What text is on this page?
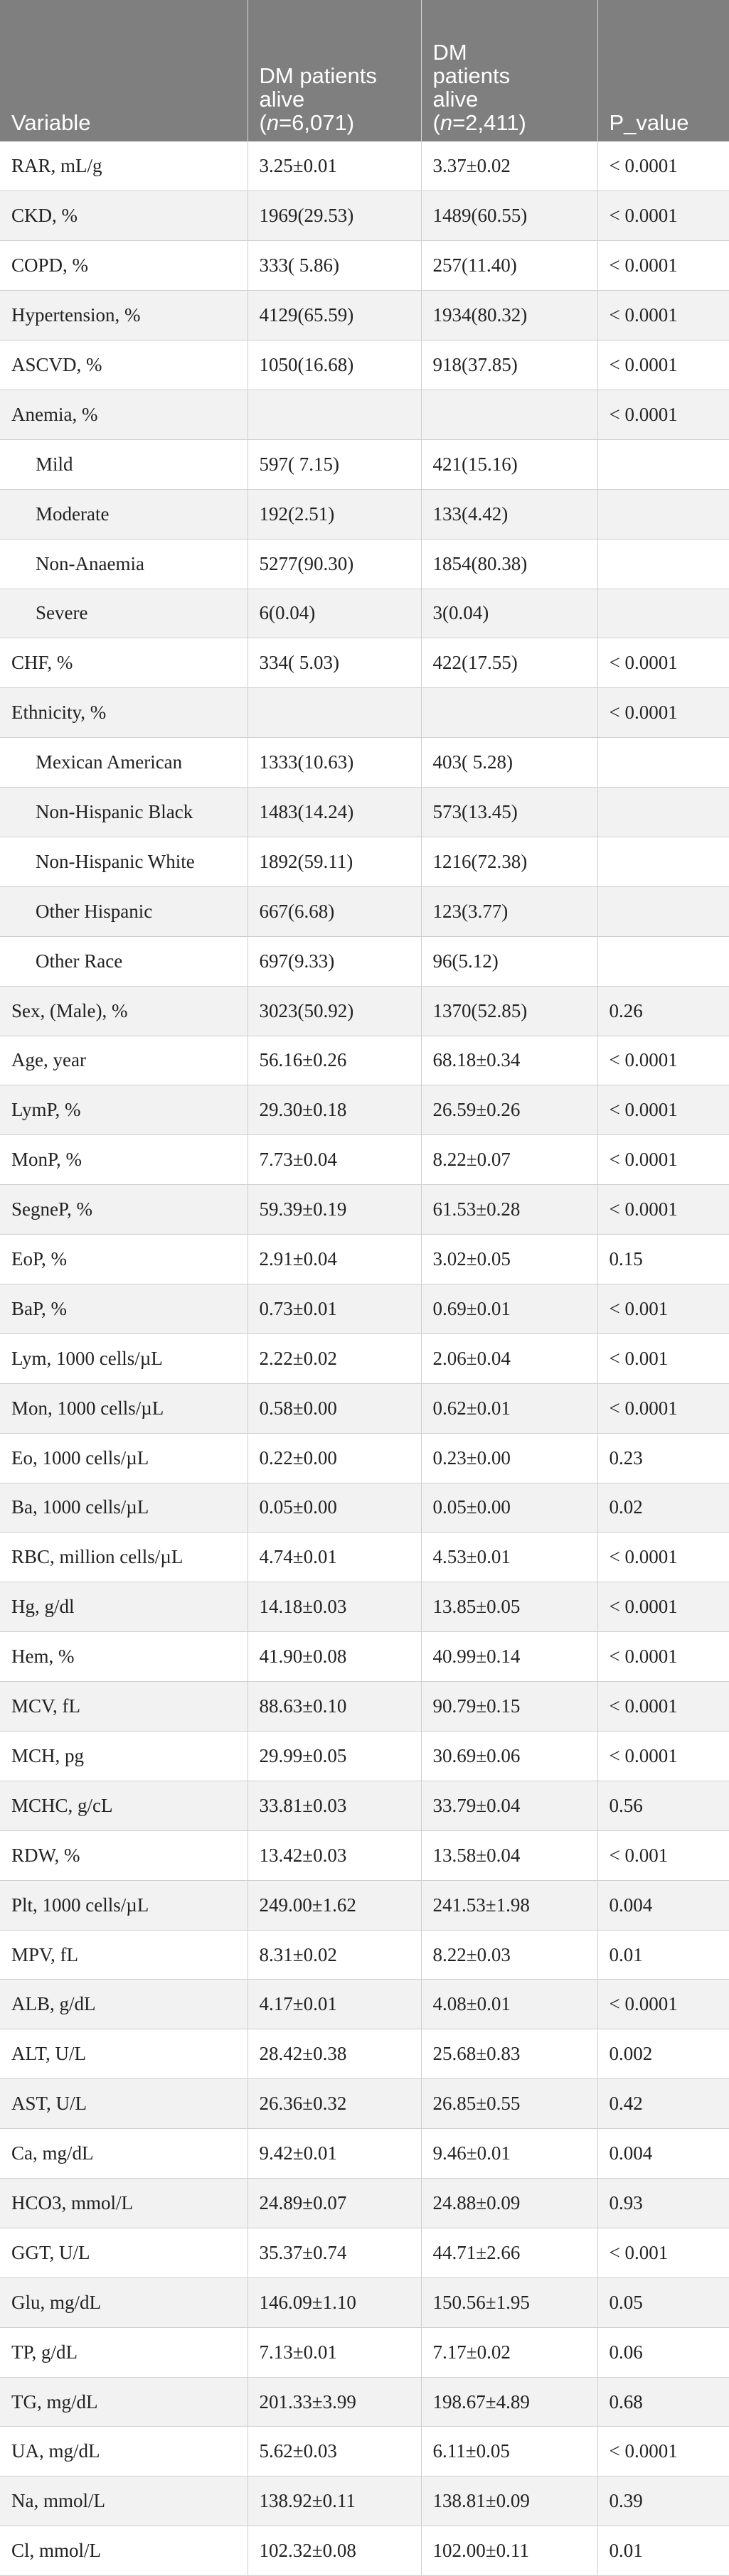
Variable	DM patients
alive
(n=6,071)	DM
patients
alive
(n=2,411)	P_value
RAR, mL/g	3.25±0.01	3.37±0.02	< 0.0001
CKD, %	1969(29.53)	1489(60.55)	< 0.0001
COPD, %	333( 5.86)	257(11.40)	< 0.0001
Hypertension, %	4129(65.59)	1934(80.32)	< 0.0001
ASCVD, %	1050(16.68)	918(37.85)	< 0.0001
Anemia, %			< 0.0001
Mild	597( 7.15)	421(15.16)	
Moderate	192(2.51)	133(4.42)	
Non-Anaemia	5277(90.30)	1854(80.38)	
Severe	6(0.04)	3(0.04)	
CHF, %	334( 5.03)	422(17.55)	< 0.0001
Ethnicity, %			< 0.0001
Mexican American	1333(10.63)	403( 5.28)	
Non-Hispanic Black	1483(14.24)	573(13.45)	
Non-Hispanic White	1892(59.11)	1216(72.38)	
Other Hispanic	667(6.68)	123(3.77)	
Other Race	697(9.33)	96(5.12)	
Sex, (Male), %	3023(50.92)	1370(52.85)	0.26
Age, year	56.16±0.26	68.18±0.34	< 0.0001
LymP, %	29.30±0.18	26.59±0.26	< 0.0001
MonP, %	7.73±0.04	8.22±0.07	< 0.0001
SegneP, %	59.39±0.19	61.53±0.28	< 0.0001
EoP, %	2.91±0.04	3.02±0.05	0.15
BaP, %	0.73±0.01	0.69±0.01	< 0.001
Lym, 1000 cells/µL	2.22±0.02	2.06±0.04	< 0.001
Mon, 1000 cells/µL	0.58±0.00	0.62±0.01	< 0.0001
Eo, 1000 cells/µL	0.22±0.00	0.23±0.00	0.23
Ba, 1000 cells/µL	0.05±0.00	0.05±0.00	0.02
RBC, million cells/µL	4.74±0.01	4.53±0.01	< 0.0001
Hg, g/dl	14.18±0.03	13.85±0.05	< 0.0001
Hem, %	41.90±0.08	40.99±0.14	< 0.0001
MCV, fL	88.63±0.10	90.79±0.15	< 0.0001
MCH, pg	29.99±0.05	30.69±0.06	< 0.0001
MCHC, g/cL	33.81±0.03	33.79±0.04	0.56
RDW, %	13.42±0.03	13.58±0.04	< 0.001
Plt, 1000 cells/µL	249.00±1.62	241.53±1.98	0.004
MPV, fL	8.31±0.02	8.22±0.03	0.01
ALB, g/dL	4.17±0.01	4.08±0.01	< 0.0001
ALT, U/L	28.42±0.38	25.68±0.83	0.002
AST, U/L	26.36±0.32	26.85±0.55	0.42
Ca, mg/dL	9.42±0.01	9.46±0.01	0.004
HCO3, mmol/L	24.89±0.07	24.88±0.09	0.93
GGT, U/L	35.37±0.74	44.71±2.66	< 0.001
Glu, mg/dL	146.09±1.10	150.56±1.95	0.05
TP, g/dL	7.13±0.01	7.17±0.02	0.06
TG, mg/dL	201.33±3.99	198.67±4.89	0.68
UA, mg/dL	5.62±0.03	6.11±0.05	< 0.0001
Na, mmol/L	138.92±0.11	138.81±0.09	0.39
Cl, mmol/L	102.32±0.08	102.00±0.11	0.01
